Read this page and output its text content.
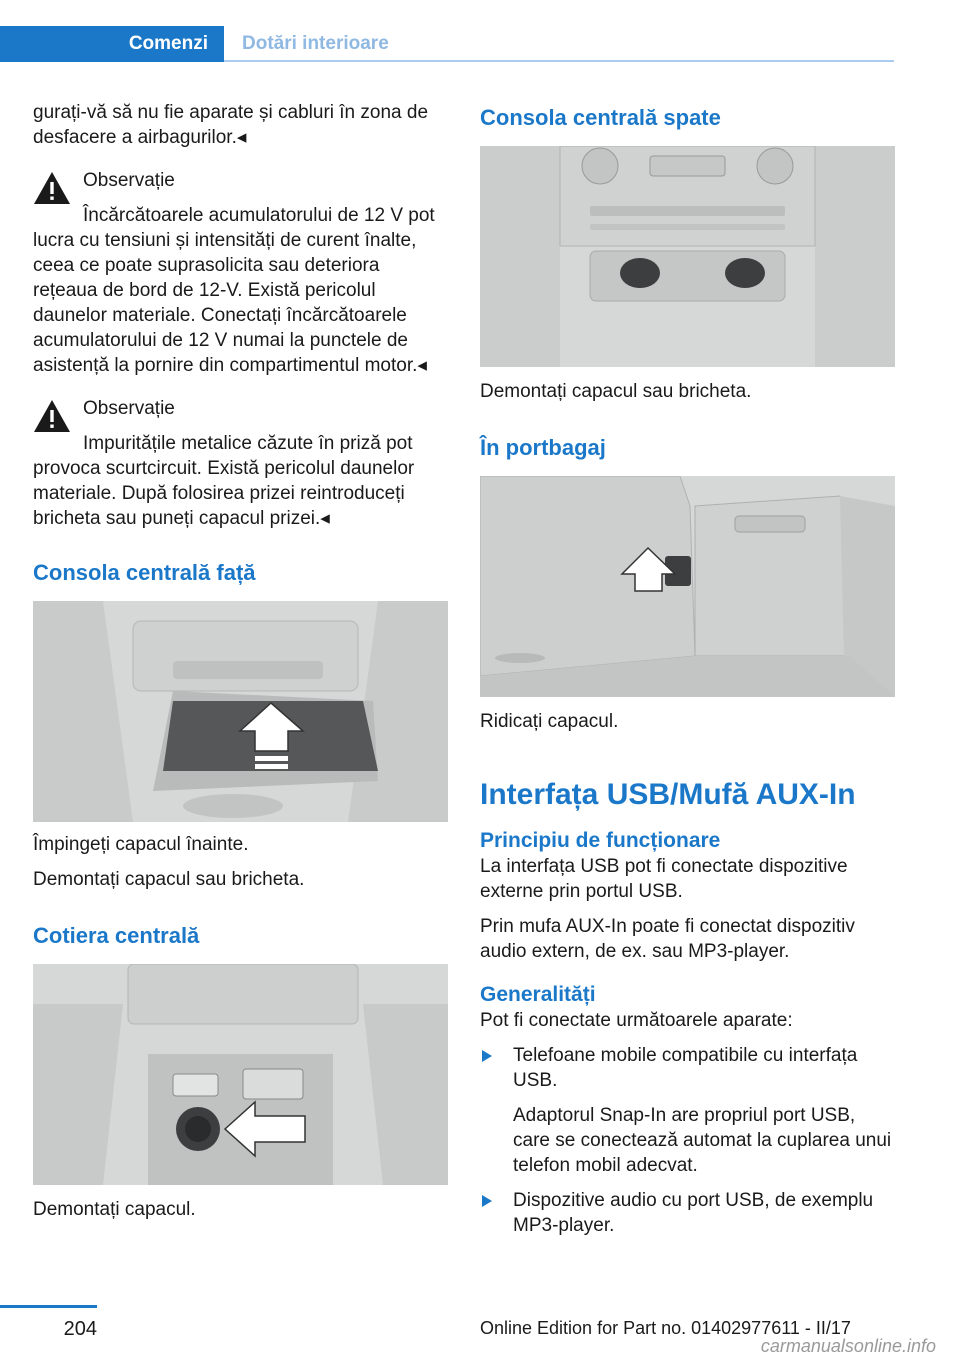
Comenzi	Dotări interioare

gurați-vă să nu fie aparate și cabluri în zona de desfacere a airbagurilor.◂

Observație

Încărcătoarele acumulatorului de 12 V pot lucra cu tensiuni și intensități de curent înalte, ceea ce poate suprasolicita sau deteriora rețeaua de bord de 12-V. Există pericolul daunelor materiale. Conectați încărcătoarele acumulatorului de 12 V numai la punctele de asistență la pornire din compartimentul motor.◂

Observație

Impuritățile metalice căzute în priză pot provoca scurtcircuit. Există pericolul daunelor materiale. După folosirea prizei reintroduceți bricheta sau puneți capacul prizei.◂

Consola centrală față

Împingeți capacul înainte.

Demontați capacul sau bricheta.

Cotiera centrală

Demontați capacul.

Consola centrală spate

Demontați capacul sau bricheta.

În portbagaj

Ridicați capacul.

Interfața USB/Mufă AUX-In
Principiu de funcționare

La interfața USB pot fi conectate dispozitive externe prin portul USB.

Prin mufa AUX-In poate fi conectat dispozitiv audio extern, de ex. sau MP3-player.

Generalități

Pot fi conectate următoarele aparate:

Telefoane mobile compatibile cu interfața USB.

Adaptorul Snap-In are propriul port USB, care se conectează automat la cuplarea unui telefon mobil adecvat.

Dispozitive audio cu port USB, de exemplu MP3-player.
204	Online Edition for Part no. 01402977611 - II/17
carmanualsonline.info
